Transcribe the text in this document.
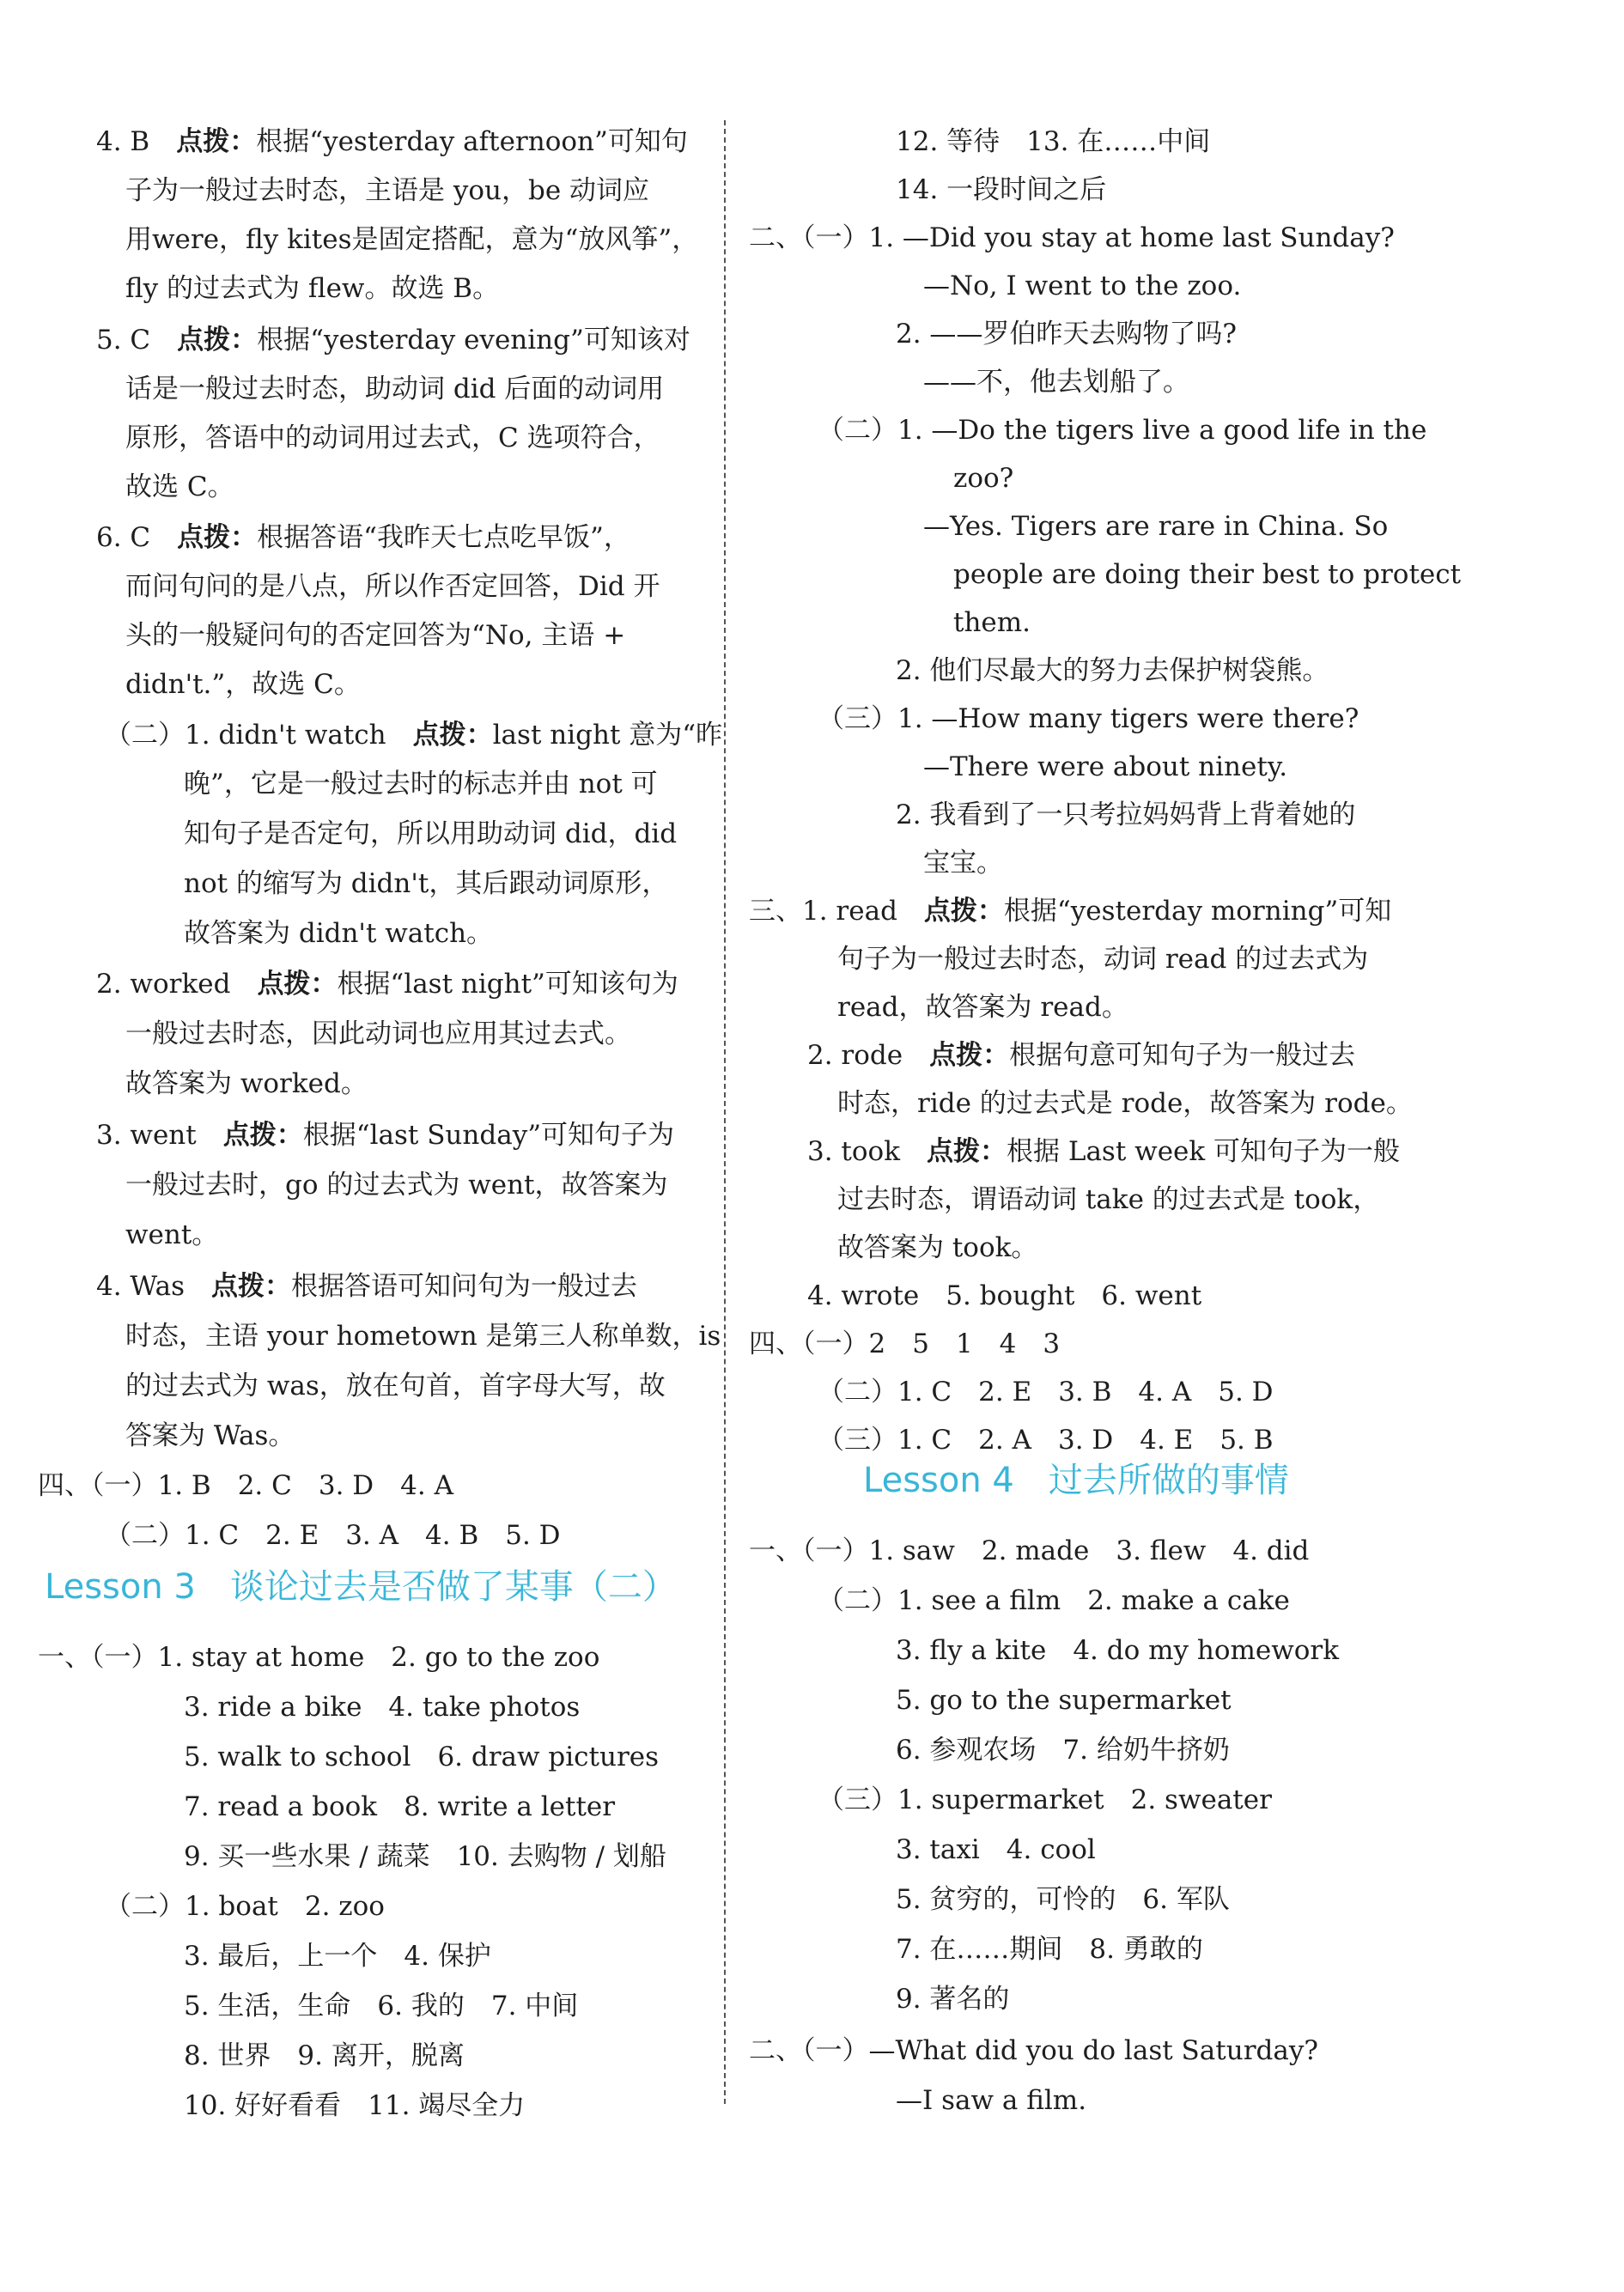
4. B　点拨：根据“yesterday afternoon”可知句
子为一般过去时态，主语是 you，be 动词应
用were，fly kites是固定搭配，意为“放风筝”，
fly 的过去式为 flew。故选 B。
5. C　点拨：根据“yesterday evening”可知该对
话是一般过去时态，助动词 did 后面的动词用
原形，答语中的动词用过去式，C 选项符合，
故选 C。
6. C　点拨：根据答语“我昨天七点吃早饭”，
而问句问的是八点，所以作否定回答，Did 开
头的一般疑问句的否定回答为“No, 主语 +
didn't.”，故选 C。
（二）1. didn't watch　点拨：last night 意为“昨
晚”，它是一般过去时的标志并由 not 可
知句子是否定句，所以用助动词 did，did
not 的缩写为 didn't，其后跟动词原形，
故答案为 didn't watch。
2. worked　点拨：根据“last night”可知该句为
一般过去时态，因此动词也应用其过去式。
故答案为 worked。
3. went　点拨：根据“last Sunday”可知句子为
一般过去时，go 的过去式为 went，故答案为
went。
4. Was　点拨：根据答语可知问句为一般过去
时态，主语 your hometown 是第三人称单数，is
的过去式为 was，放在句首，首字母大写，故
答案为 Was。
四、（一）1. B　2. C　3. D　4. A
（二）1. C　2. E　3. A　4. B　5. D
Lesson 3 谈论过去是否做了某事（二）
一、（一）1. stay at home　2. go to the zoo
3. ride a bike　4. take photos
5. walk to school　6. draw pictures
7. read a book　8. write a letter
9. 买一些水果 / 蔬菜　10. 去购物 / 划船
（二）1. boat　2. zoo
3. 最后，上一个　4. 保护
5. 生活，生命　6. 我的　7. 中间
8. 世界　9. 离开，脱离
10. 好好看看　11. 竭尽全力
12. 等待　13. 在……中间
14. 一段时间之后
二、（一）1. —Did you stay at home last Sunday?
—No, I went to the zoo.
2. ——罗伯昨天去购物了吗?
——不，他去划船了。
（二）1. —Do the tigers live a good life in the
zoo?
—Yes. Tigers are rare in China. So
people are doing their best to protect
them.
2. 他们尽最大的努力去保护树袋熊。
（三）1. —How many tigers were there?
—There were about ninety.
2. 我看到了一只考拉妈妈背上背着她的
宝宝。
三、1. read　点拨：根据“yesterday morning”可知
句子为一般过去时态，动词 read 的过去式为
read，故答案为 read。
2. rode　点拨：根据句意可知句子为一般过去
时态，ride 的过去式是 rode，故答案为 rode。
3. took　点拨：根据 Last week 可知句子为一般
过去时态，谓语动词 take 的过去式是 took，
故答案为 took。
4. wrote　5. bought　6. went
四、（一）2　5　1　4　3
（二）1. C　2. E　3. B　4. A　5. D
（三）1. C　2. A　3. D　4. E　5. B
Lesson 4 过去所做的事情
一、（一）1. saw　2. made　3. flew　4. did
（二）1. see a film　2. make a cake
3. fly a kite　4. do my homework
5. go to the supermarket
6. 参观农场　7. 给奶牛挤奶
（三）1. supermarket　2. sweater
3. taxi　4. cool
5. 贫穷的，可怜的　6. 军队
7. 在……期间　8. 勇敢的
9. 著名的
二、（一）—What did you do last Saturday?
—I saw a film.
